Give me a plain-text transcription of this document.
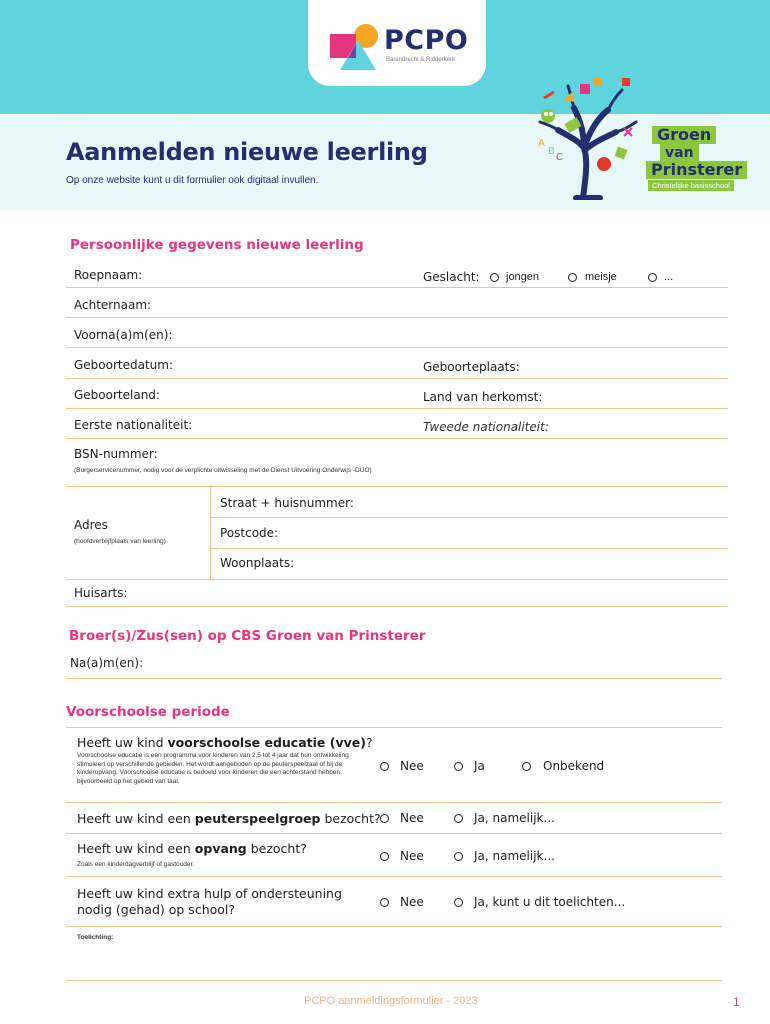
PCPO
Barendrecht & Ridderkerk
Aanmelden nieuwe leerling
Op onze website kunt u dit formulier ook digitaal invullen.
A
B
C
Groen
van
Prinsterer
Christelijke basisschool
Persoonlijke gegevens nieuwe leerling
Roepnaam:	Geslacht: jongen	meisje	...
Achternaam:
Voorna(a)m(en):
Geboortedatum:	Geboorteplaats:
Geboorteland:	Land van herkomst:
Eerste nationaliteit:	Tweede nationaliteit:
BSN-nummer:
(Burgerservicenummer, nodig voor de verplichte uitwisseling met de Dienst Uitvoering Onderwijs -DUO)
Adres
(hoofdverblijfplaats van leerling)
Straat + huisnummer:
Postcode:
Woonplaats:
Huisarts:
Broer(s)/Zus(sen) op CBS Groen van Prinsterer
Na(a)m(en):
Voorschoolse periode
Heeft uw kind voorschoolse educatie (vve)?
Voorschoolse educatie is een programma voor kinderen van 2,5 tot 4 jaar dat hun ontwikkeling stimuleert op verschillende gebieden. Het wordt aangeboden op de peuterspeelzaal of bij de kinderopvang. Voorschoolse educatie is bedoeld voor kinderen die een achterstand hebben, bijvoorbeeld op het gebied van taal.
Nee	Ja	Onbekend
Heeft uw kind een peuterspeelgroep bezocht? Nee	Ja, namelijk...
Heeft uw kind een opvang bezocht?
Zoals een kinderdagverblijf of gastouder.
Nee	Ja, namelijk...
Heeft uw kind extra hulp of ondersteuning
nodig (gehad) op school?	Nee	Ja, kunt u dit toelichten...
Toelichting:
PCPO aanmeldingsformulier - 2023	1
